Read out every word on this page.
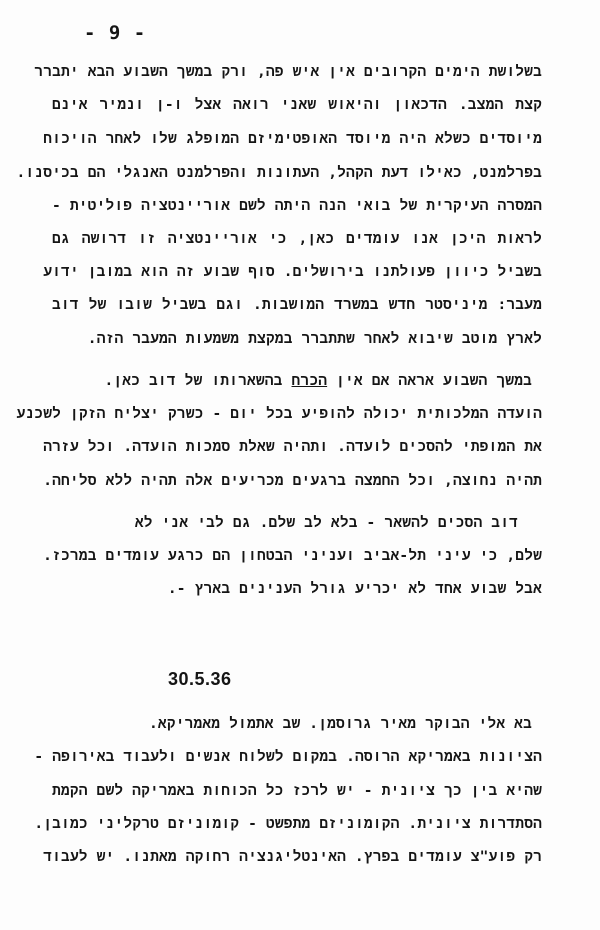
- 9 -
בשלושת הימים הקרובים אין איש פה, ורק במשך השבוע הבא יתברר
קצת המצב. הדכאון והיאוש שאני רואה אצל ו-ן ונמיר אינם
מיוסדים כשלא היה מיוסד האופטימיזם המופלג שלו לאחר הויכוח
בפרלמנט, כאילו דעת הקהל, העתונות והפרלמנט האנגלי הם בכיסנו.
המסרה העיקרית של בואי הנה היתה לשם אוריינטציה פוליטית -
לראות היכן אנו עומדים כאן, כי אוריינטציה זו דרושה גם
בשביל כיוון פעולתנו בירושלים. סוף שבוע זה הוא במובן ידוע
מעבר: מיניסטר חדש במשרד המושבות. וגם בשביל שובו של דוב
לארץ מוטב שיבוא לאחר שתתברר במקצת משמעות המעבר הזה.
במשך השבוע אראה אם אין הכרח בהשארותו של דוב כאן.
הועדה המלכותית יכולה להופיע בכל יום - כשרק יצליח הזקן לשכנע
את המופתי להסכים לועדה. ותהיה שאלת סמכות הועדה. וכל עזרה
תהיה נחוצה, וכל החמצה ברגעים מכריעים אלה תהיה ללא סליחה.
דוב הסכים להשאר - בלא לב שלם. גם לבי אני לא
שלם, כי עיני תל-אביב ועניני הבטחון הם כרגע עומדים במרכז.
אבל שבוע אחד לא יכריע גורל הענינים בארץ -.
30.5.36
בא אלי הבוקר מאיר גרוסמן. שב אתמול מאמריקא.
הציונות באמריקא הרוסה. במקום לשלוח אנשים ולעבוד באירופה -
שהיא בין כך ציונית - יש לרכז כל הכוחות באמריקה לשם הקמת
הסתדרות ציונית. הקומוניזם מתפשט - קומוניזם טרקליני כמובן.
רק פוע"צ עומדים בפרץ. האינטליגנציה רחוקה מאתנו. יש לעבוד
